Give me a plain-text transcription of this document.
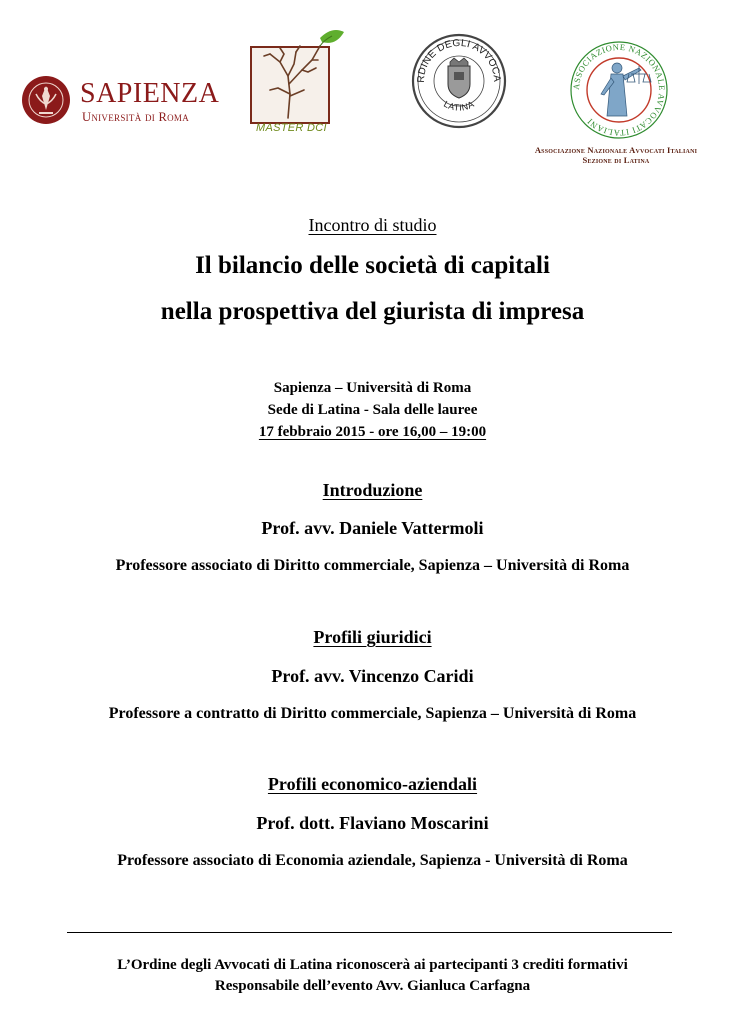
SAPIENZA
Università di Roma
MASTER DCI
RDINE DEGLI AVVOCA
LATINA
ASSOCIAZIONE NAZIONALE AVVOCATI ITALIANI
Associazione Nazionale Avvocati Italiani
Sezione di Latina
Incontro di studio
Il bilancio delle società di capitali
nella prospettiva del giurista di impresa
Sapienza – Università di Roma
Sede di Latina - Sala delle lauree
17 febbraio 2015 - ore 16,00 – 19:00
Introduzione
Prof. avv. Daniele Vattermoli
Professore associato di Diritto commerciale, Sapienza – Università di Roma
Profili giuridici
Prof. avv. Vincenzo Caridi
Professore a contratto di Diritto commerciale, Sapienza – Università di Roma
Profili economico-aziendali
Prof. dott. Flaviano Moscarini
Professore associato di Economia aziendale, Sapienza - Università di Roma
L’Ordine degli Avvocati di Latina riconoscerà ai partecipanti 3 crediti formativi
Responsabile dell’evento Avv. Gianluca Carfagna
